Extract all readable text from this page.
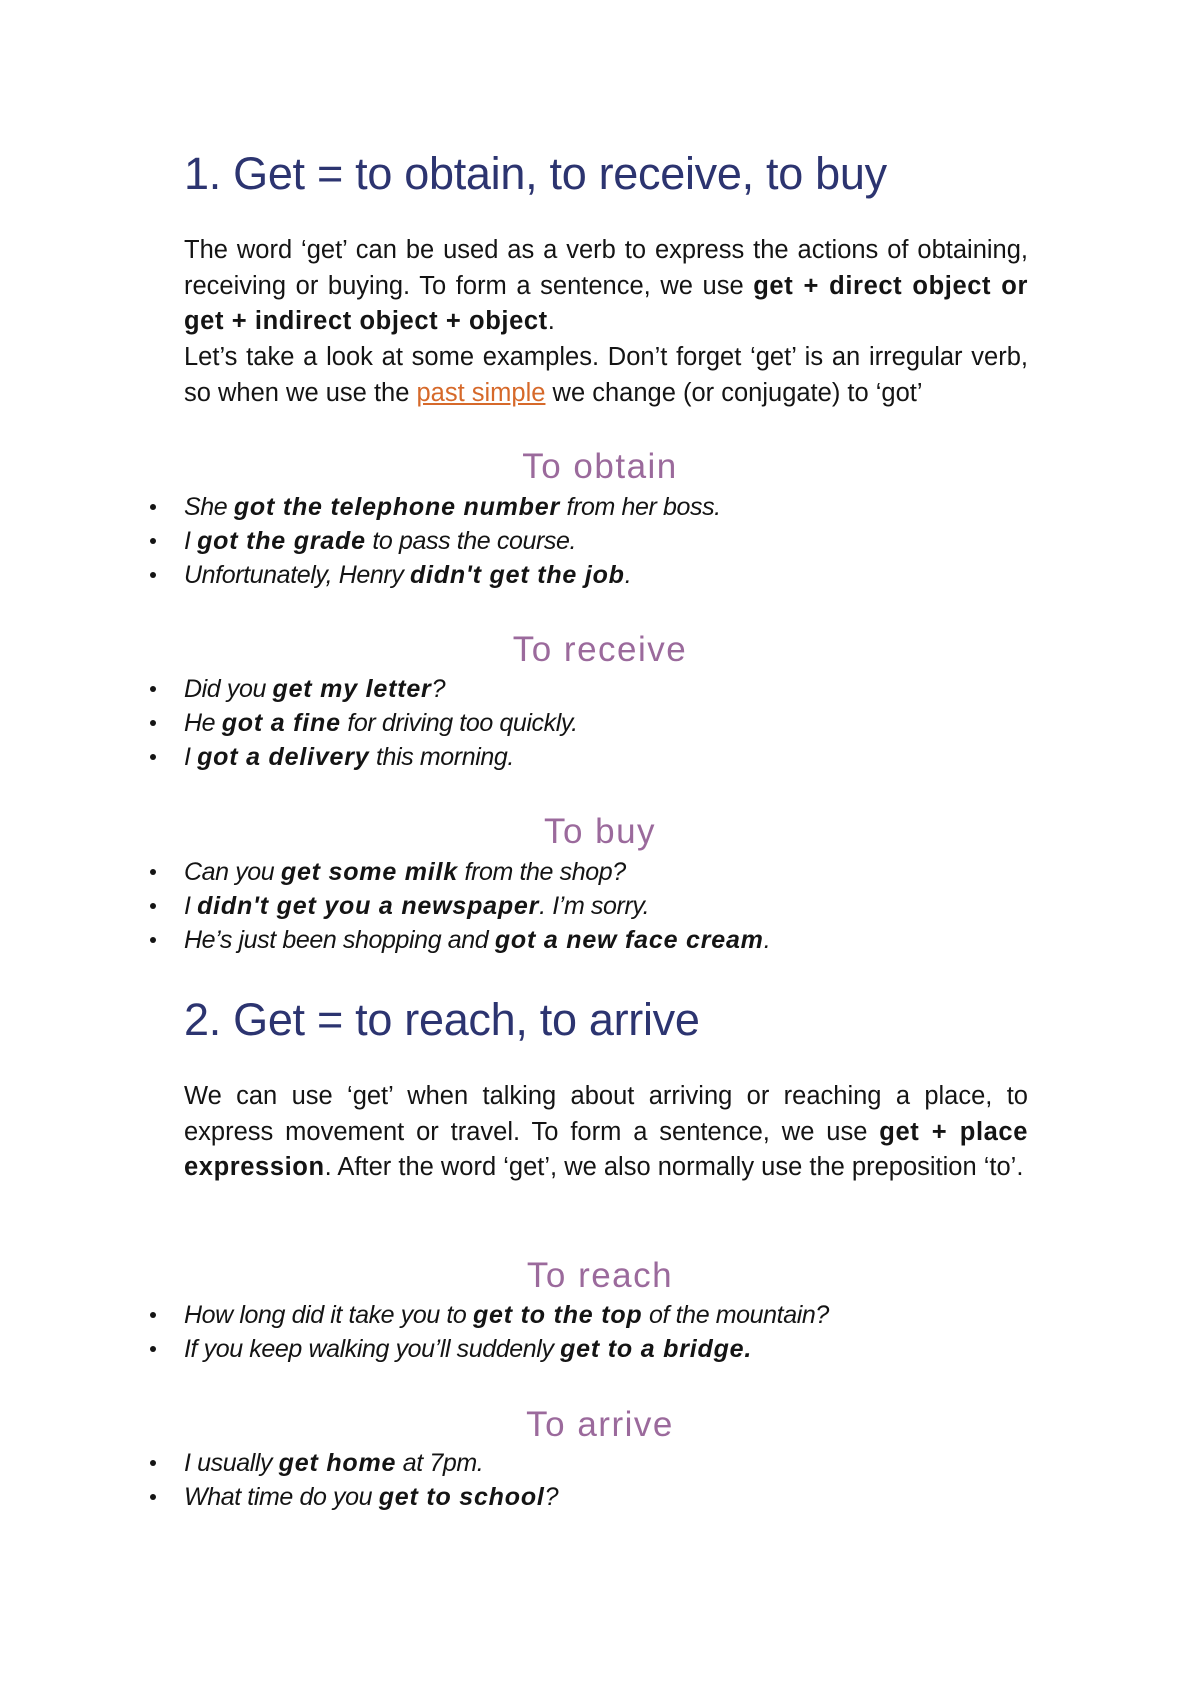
1. Get = to obtain, to receive, to buy

The word ‘get’ can be used as a verb to express the actions of obtaining, receiving or buying. To form a sentence, we use get + direct object or get + indirect object + object.

Let’s take a look at some examples. Don’t forget ‘get’ is an irregular verb, so when we use the past simple we change (or conjugate) to ‘got’

To obtain
She got the telephone number from her boss.
I got the grade to pass the course.
Unfortunately, Henry didn't get the job.
To receive
Did you get my letter?
He got a fine for driving too quickly.
I got a delivery this morning.
To buy
Can you get some milk from the shop?
I didn't get you a newspaper. I’m sorry.
He’s just been shopping and got a new face cream.
2. Get = to reach, to arrive

We can use ‘get’ when talking about arriving or reaching a place, to express movement or travel. To form a sentence, we use get + place expression. After the word ‘get’, we also normally use the preposition ‘to’.

To reach
How long did it take you to get to the top of the mountain?
If you keep walking you’ll suddenly get to a bridge.
To arrive
I usually get home at 7pm.
What time do you get to school?
